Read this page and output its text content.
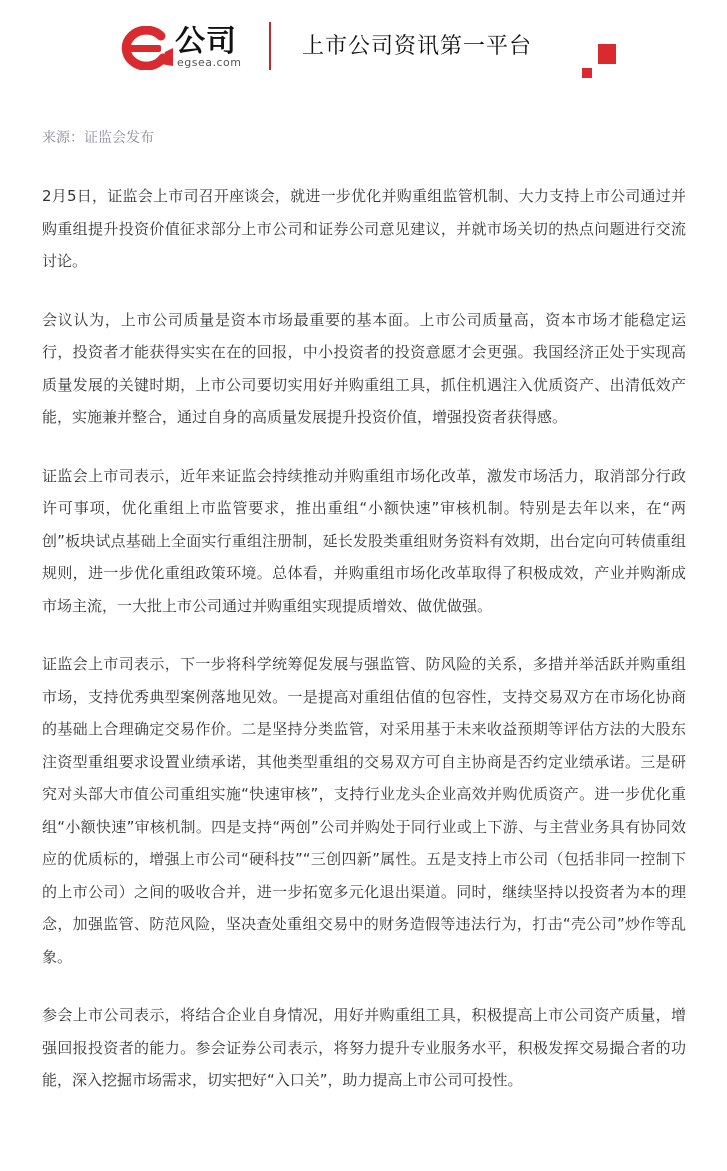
公司
egsea.com
上市公司资讯第一平台
来源：证监会发布

2月5日，证监会上市司召开座谈会，就进一步优化并购重组监管机制、大力支持上市公司通过并购重组提升投资价值征求部分上市公司和证券公司意见建议，并就市场关切的热点问题进行交流讨论。

会议认为，上市公司质量是资本市场最重要的基本面。上市公司质量高，资本市场才能稳定运行，投资者才能获得实实在在的回报，中小投资者的投资意愿才会更强。我国经济正处于实现高质量发展的关键时期，上市公司要切实用好并购重组工具，抓住机遇注入优质资产、出清低效产能，实施兼并整合，通过自身的高质量发展提升投资价值，增强投资者获得感。

证监会上市司表示，近年来证监会持续推动并购重组市场化改革，激发市场活力，取消部分行政许可事项，优化重组上市监管要求，推出重组“小额快速”审核机制。特别是去年以来，在“两创”板块试点基础上全面实行重组注册制，延长发股类重组财务资料有效期，出台定向可转债重组规则，进一步优化重组政策环境。总体看，并购重组市场化改革取得了积极成效，产业并购渐成市场主流，一大批上市公司通过并购重组实现提质增效、做优做强。

证监会上市司表示，下一步将科学统筹促发展与强监管、防风险的关系，多措并举活跃并购重组市场，支持优秀典型案例落地见效。一是提高对重组估值的包容性，支持交易双方在市场化协商的基础上合理确定交易作价。二是坚持分类监管，对采用基于未来收益预期等评估方法的大股东注资型重组要求设置业绩承诺，其他类型重组的交易双方可自主协商是否约定业绩承诺。三是研究对头部大市值公司重组实施“快速审核”，支持行业龙头企业高效并购优质资产。进一步优化重组“小额快速”审核机制。四是支持“两创”公司并购处于同行业或上下游、与主营业务具有协同效应的优质标的，增强上市公司“硬科技”“三创四新”属性。五是支持上市公司（包括非同一控制下的上市公司）之间的吸收合并，进一步拓宽多元化退出渠道。同时，继续坚持以投资者为本的理念，加强监管、防范风险，坚决查处重组交易中的财务造假等违法行为，打击“壳公司”炒作等乱象。

参会上市公司表示，将结合企业自身情况，用好并购重组工具，积极提高上市公司资产质量，增强回报投资者的能力。参会证券公司表示，将努力提升专业服务水平，积极发挥交易撮合者的功能，深入挖掘市场需求，切实把好“入口关”，助力提高上市公司可投性。
